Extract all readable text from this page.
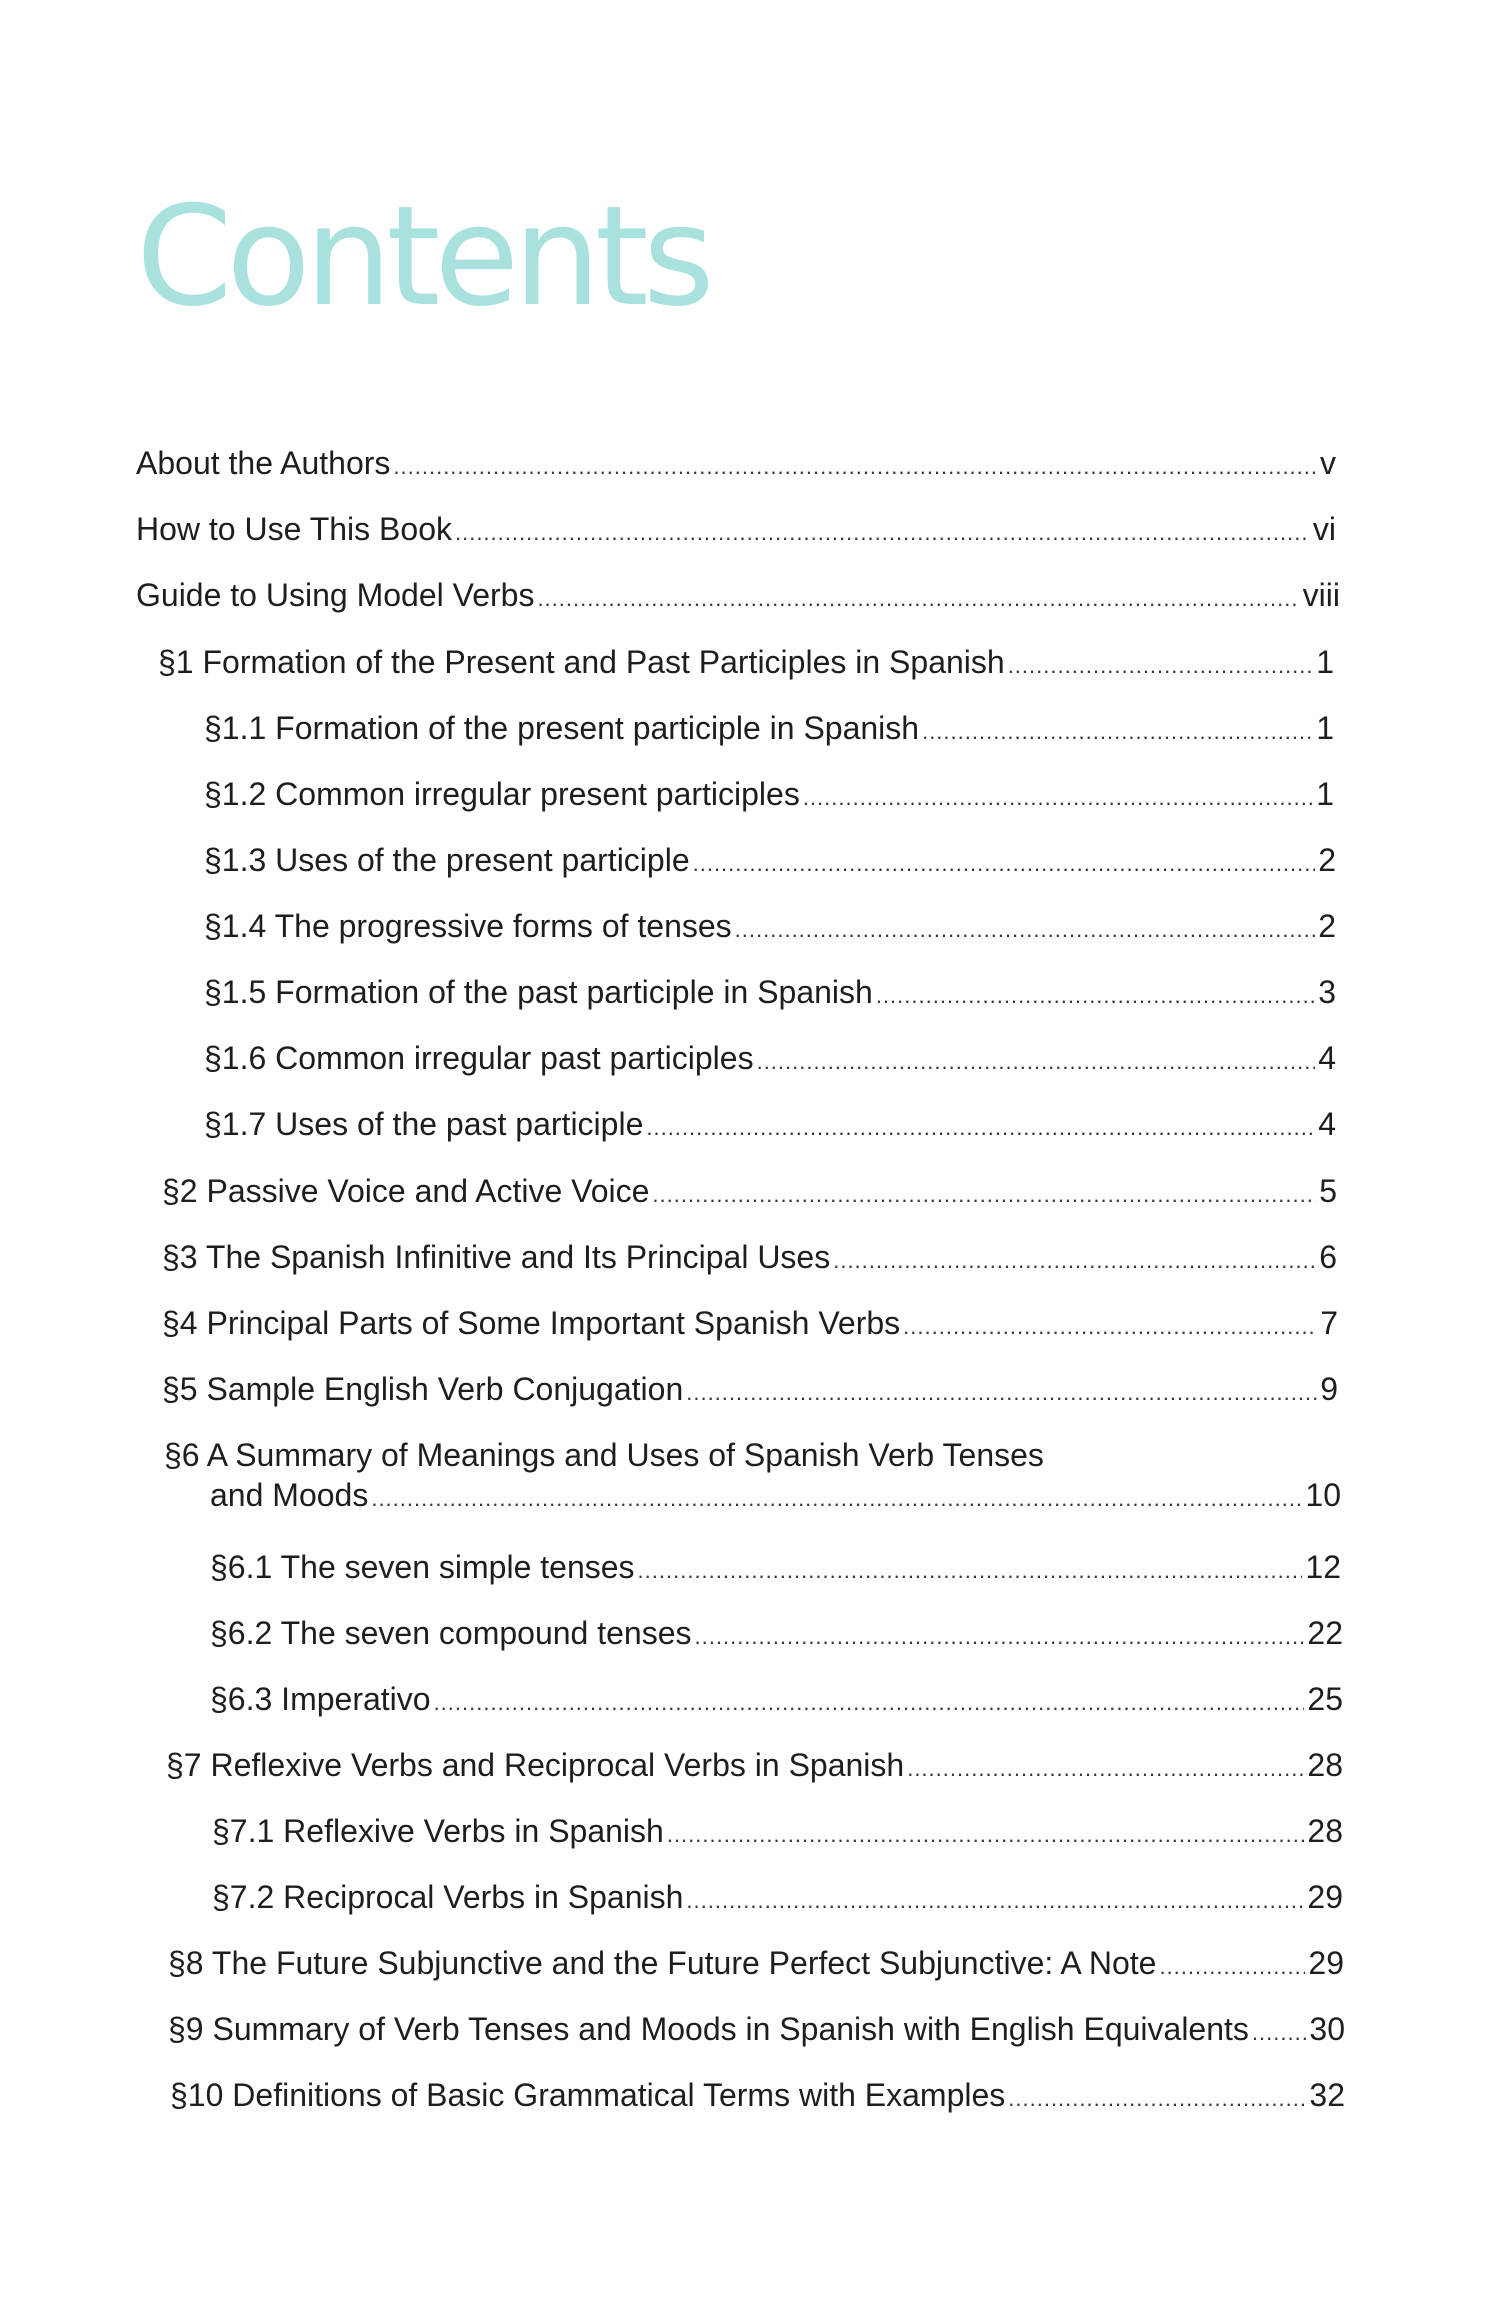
Contents
About the Authors .....	v
How to Use This Book .....	vi
Guide to Using Model Verbs .....	viii
§1 Formation of the Present and Past Participles in Spanish .....	1
§1.1 Formation of the present participle in Spanish .....	1
§1.2 Common irregular present participles .....	1
§1.3 Uses of the present participle .....	2
§1.4 The progressive forms of tenses .....	2
§1.5 Formation of the past participle in Spanish .....	3
§1.6 Common irregular past participles .....	4
§1.7 Uses of the past participle .....	4
§2 Passive Voice and Active Voice .....	5
§3 The Spanish Infinitive and Its Principal Uses .....	6
§4 Principal Parts of Some Important Spanish Verbs .....	7
§5 Sample English Verb Conjugation .....	9
§6 A Summary of Meanings and Uses of Spanish Verb Tenses
and Moods .....	10
§6.1 The seven simple tenses .....	12
§6.2 The seven compound tenses .....	22
§6.3 Imperativo .....	25
§7 Reflexive Verbs and Reciprocal Verbs in Spanish .....	28
§7.1 Reflexive Verbs in Spanish .....	28
§7.2 Reciprocal Verbs in Spanish .....	29
§8 The Future Subjunctive and the Future Perfect Subjunctive: A Note .....	29
§9 Summary of Verb Tenses and Moods in Spanish with English Equivalents ..... 30
§10 Definitions of Basic Grammatical Terms with Examples .....	32
